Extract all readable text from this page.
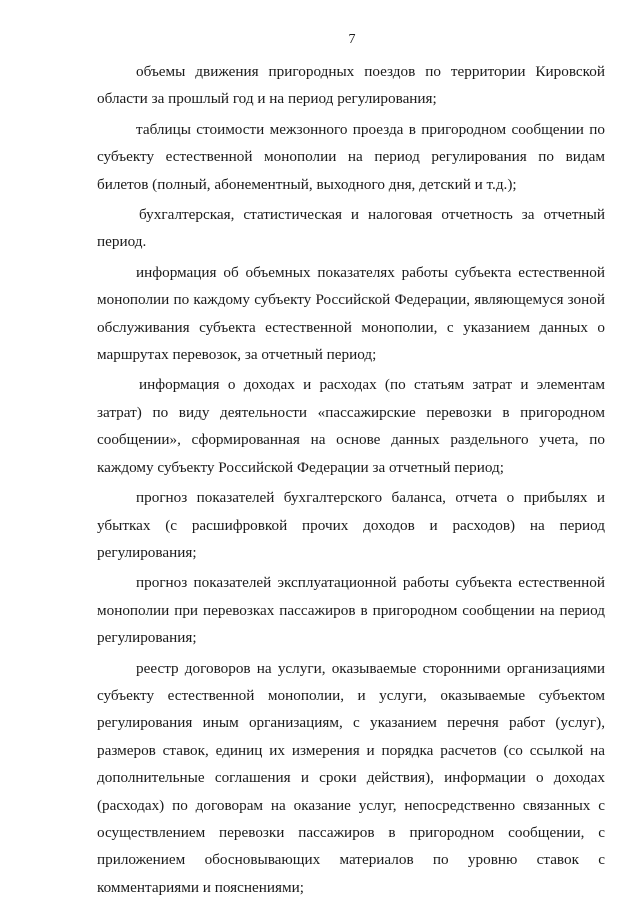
7

объемы движения пригородных поездов по территории Кировской области за прошлый год и на период регулирования;

таблицы стоимости межзонного проезда в пригородном сообщении по субъекту естественной монополии на период регулирования по видам билетов (полный, абонементный, выходного дня, детский и т.д.);

бухгалтерская, статистическая и налоговая отчетность за отчетный период.

информация об объемных показателях работы субъекта естественной монополии по каждому субъекту Российской Федерации, являющемуся зоной обслуживания субъекта естественной монополии, с указанием данных о маршрутах перевозок, за отчетный период;

информация о доходах и расходах (по статьям затрат и элементам затрат) по виду деятельности «пассажирские перевозки в пригородном сообщении», сформированная на основе данных раздельного учета, по каждому субъекту Российской Федерации за отчетный период;

прогноз показателей бухгалтерского баланса, отчета о прибылях и убытках (с расшифровкой прочих доходов и расходов) на период регулирования;

прогноз показателей эксплуатационной работы субъекта естественной монополии при перевозках пассажиров в пригородном сообщении на период регулирования;

реестр договоров на услуги, оказываемые сторонними организациями субъекту естественной монополии, и услуги, оказываемые субъектом регулирования иным организациям, с указанием перечня работ (услуг), размеров ставок, единиц их измерения и порядка расчетов (со ссылкой на дополнительные соглашения и сроки действия), информации о доходах (расходах) по договорам на оказание услуг, непосредственно связанных с осуществлением перевозки пассажиров в пригородном сообщении, с приложением обосновывающих материалов по уровню ставок с комментариями и пояснениями;
